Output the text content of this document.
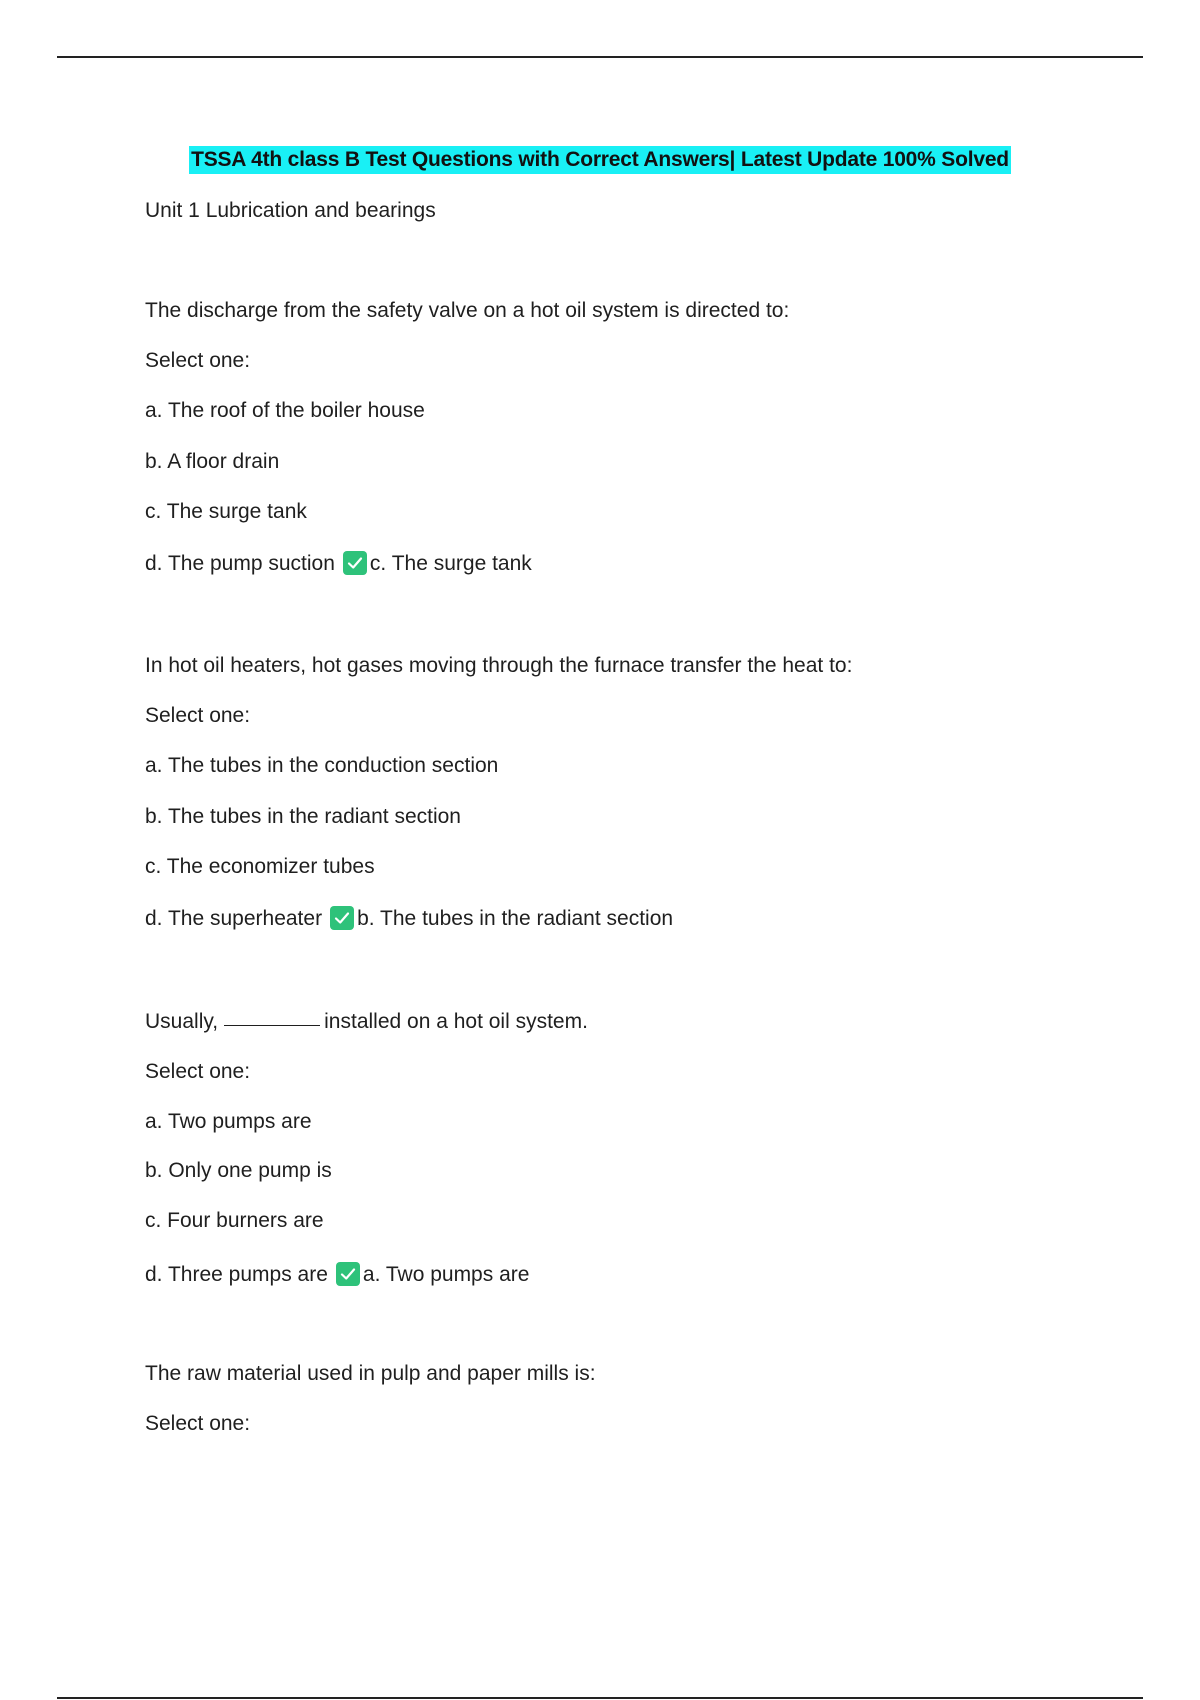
TSSA 4th class B Test Questions with Correct Answers| Latest Update 100% Solved
Unit 1 Lubrication and bearings
The discharge from the safety valve on a hot oil system is directed to:
Select one:
a. The roof of the boiler house
b. A floor drain
c. The surge tank
d. The pump suction c. The surge tank
In hot oil heaters, hot gases moving through the furnace transfer the heat to:
Select one:
a. The tubes in the conduction section
b. The tubes in the radiant section
c. The economizer tubes
d. The superheater b. The tubes in the radiant section
Usually,	installed on a hot oil system.
Select one:
a. Two pumps are
b. Only one pump is
c. Four burners are
d. Three pumps are a. Two pumps are
The raw material used in pulp and paper mills is:
Select one:
